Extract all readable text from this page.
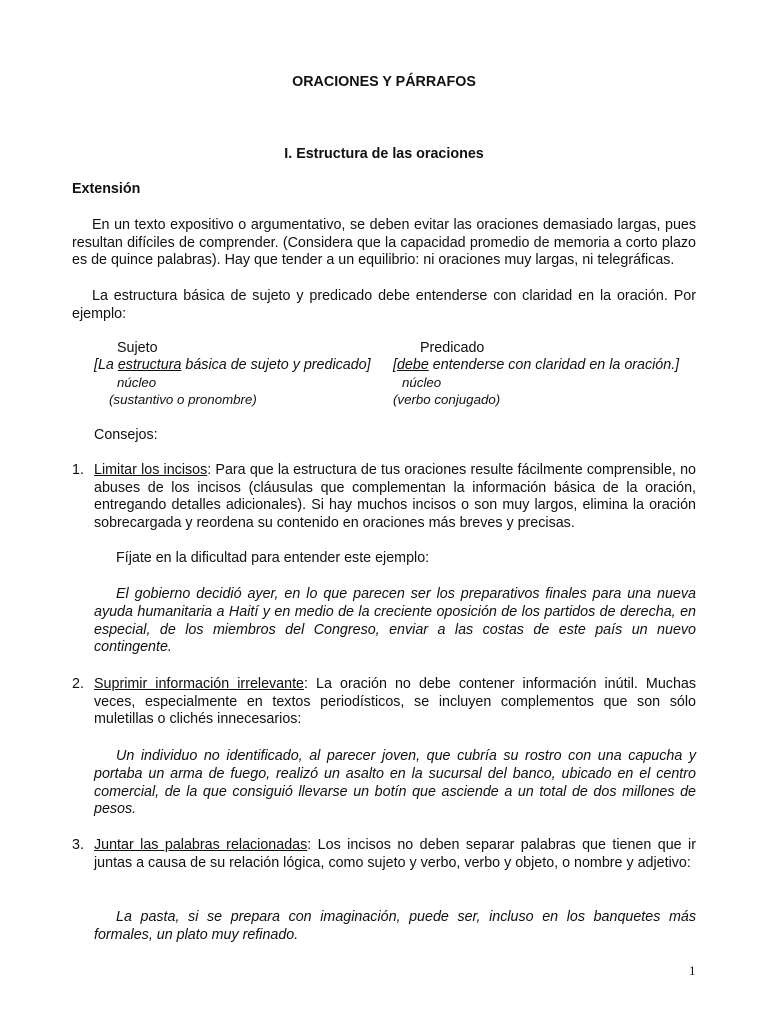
ORACIONES Y PÁRRAFOS
I. Estructura de las oraciones
Extensión

En un texto expositivo o argumentativo, se deben evitar las oraciones demasiado largas, pues resultan difíciles de comprender. (Considera que la capacidad promedio de memoria a corto plazo es de quince palabras). Hay que tender a un equilibrio: ni oraciones muy largas, ni telegráficas.

La estructura básica de sujeto y predicado debe entenderse con claridad en la oración. Por ejemplo:

Sujeto	Predicado
[La estructura básica de sujeto y predicado] [debe entenderse con claridad en la oración.]
núcleo	núcleo
(sustantivo o pronombre)	(verbo conjugado)

Consejos:

1. Limitar los incisos: Para que la estructura de tus oraciones resulte fácilmente comprensible, no abuses de los incisos (cláusulas que complementan la información básica de la oración, entregando detalles adicionales). Si hay muchos incisos o son muy largos, elimina la oración sobrecargada y reordena su contenido en oraciones más breves y precisas.

Fíjate en la dificultad para entender este ejemplo:

El gobierno decidió ayer, en lo que parecen ser los preparativos finales para una nueva ayuda humanitaria a Haití y en medio de la creciente oposición de los partidos de derecha, en especial, de los miembros del Congreso, enviar a las costas de este país un nuevo contingente.

2. Suprimir información irrelevante: La oración no debe contener información inútil. Muchas veces, especialmente en textos periodísticos, se incluyen complementos que son sólo muletillas o clichés innecesarios:

Un individuo no identificado, al parecer joven, que cubría su rostro con una capucha y portaba un arma de fuego, realizó un asalto en la sucursal del banco, ubicado en el centro comercial, de la que consiguió llevarse un botín que asciende a un total de dos millones de pesos.

3. Juntar las palabras relacionadas: Los incisos no deben separar palabras que tienen que ir juntas a causa de su relación lógica, como sujeto y verbo, verbo y objeto, o nombre y adjetivo:

La pasta, si se prepara con imaginación, puede ser, incluso en los banquetes más formales, un plato muy refinado.

1
